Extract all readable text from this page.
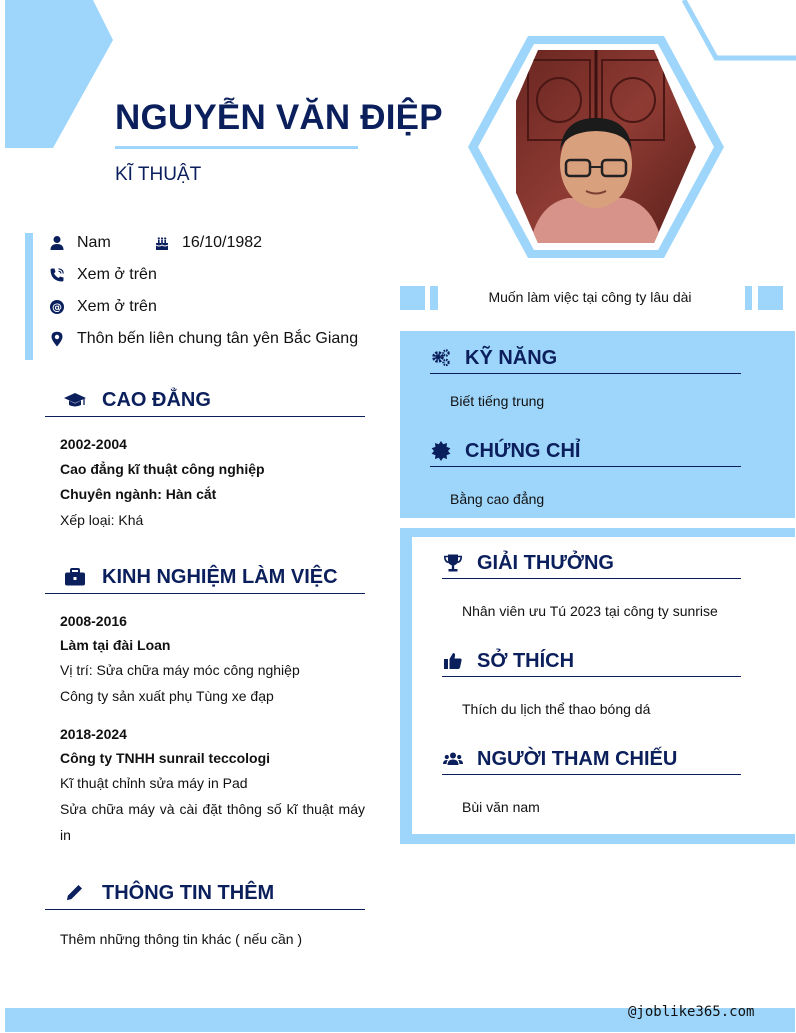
NGUYỄN VĂN ĐIỆP
KĨ THUẬT
Nam	16/10/1982
Xem ở trên
@ Xem ở trên
Thôn bến liên chung tân yên Bắc Giang
CAO ĐẲNG
2002-2004
Cao đẳng kĩ thuật công nghiệp
Chuyên ngành: Hàn cắt
Xếp loại: Khá
KINH NGHIỆM LÀM VIỆC
2008-2016
Làm tại đài Loan
Vị trí: Sửa chữa máy móc công nghiệp
Công ty sản xuất phụ Tùng xe đạp
2018-2024
Công ty TNHH sunrail teccologi
Kĩ thuật chỉnh sửa máy in Pad
Sửa chữa máy và cài đặt thông số kĩ thuật máy in
THÔNG TIN THÊM
Thêm những thông tin khác ( nếu cần )
Muốn làm việc tại công ty lâu dài
KỸ NĂNG
Biết tiếng trung
CHỨNG CHỈ
Bằng cao đẳng
GIẢI THƯỞNG
Nhân viên ưu Tú 2023 tại công ty sunrise
SỞ THÍCH
Thích du lịch thể thao bóng dá
NGƯỜI THAM CHIẾU
Bùi văn nam
@joblike365.com
